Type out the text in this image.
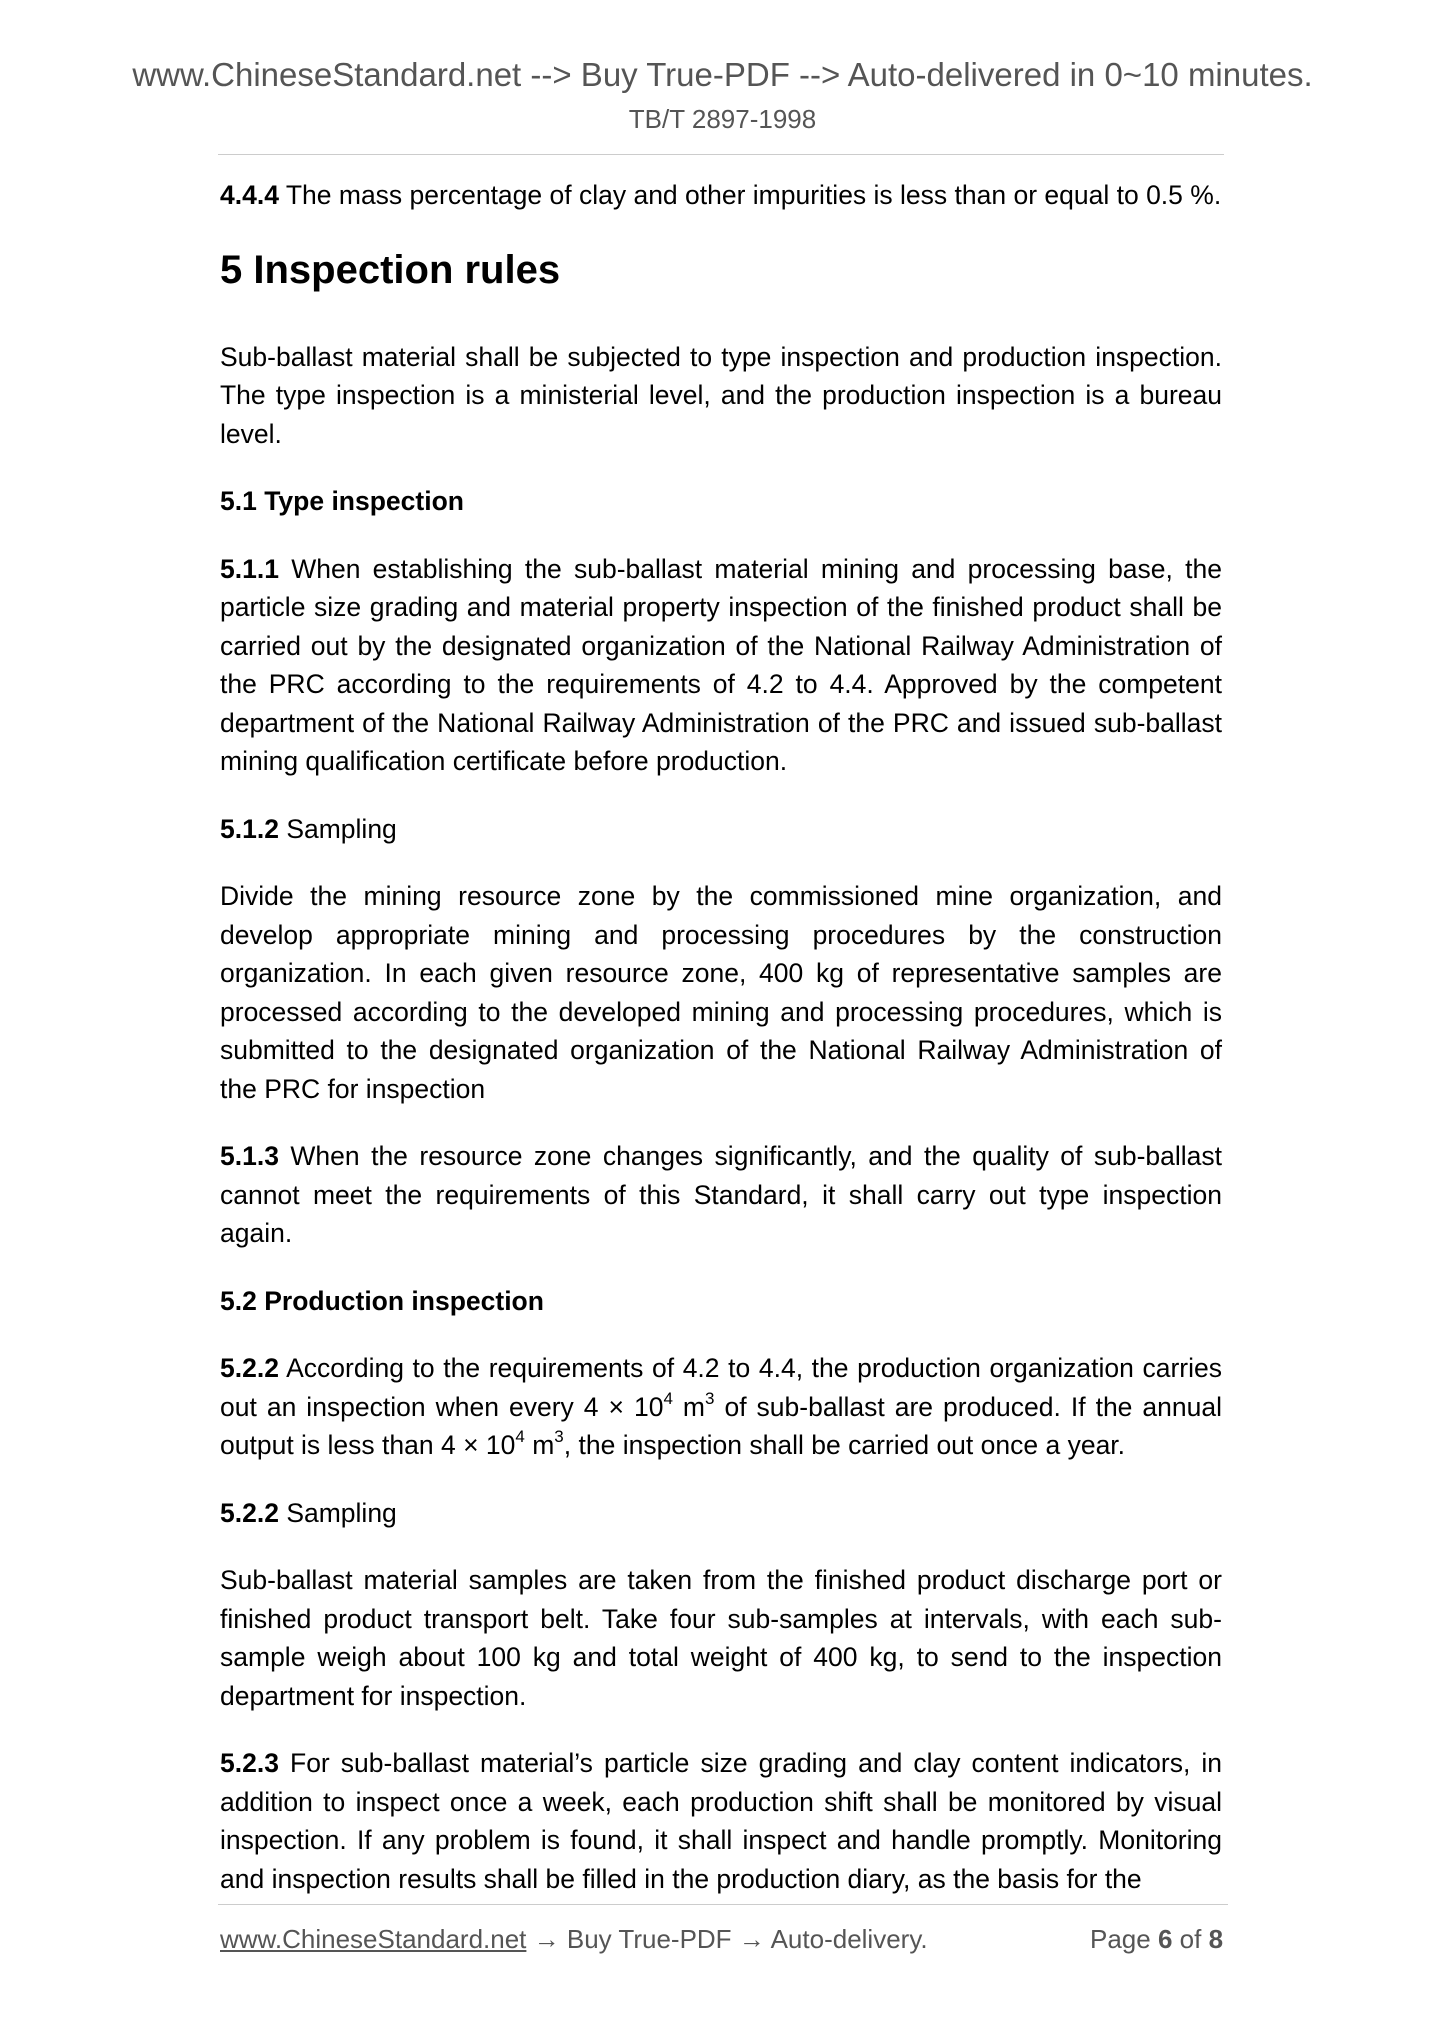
www.ChineseStandard.net --> Buy True-PDF --> Auto-delivered in 0~10 minutes.
TB/T 2897-1998

4.4.4 The mass percentage of clay and other impurities is less than or equal to 0.5 %.

5 Inspection rules

Sub-ballast material shall be subjected to type inspection and production inspection. The type inspection is a ministerial level, and the production inspection is a bureau level.

5.1 Type inspection

5.1.1 When establishing the sub-ballast material mining and processing base, the particle size grading and material property inspection of the finished product shall be carried out by the designated organization of the National Railway Administration of the PRC according to the requirements of 4.2 to 4.4. Approved by the competent department of the National Railway Administration of the PRC and issued sub-ballast mining qualification certificate before production.

5.1.2 Sampling

Divide the mining resource zone by the commissioned mine organization, and develop appropriate mining and processing procedures by the construction organization. In each given resource zone, 400 kg of representative samples are processed according to the developed mining and processing procedures, which is submitted to the designated organization of the National Railway Administration of the PRC for inspection

5.1.3 When the resource zone changes significantly, and the quality of sub-ballast cannot meet the requirements of this Standard, it shall carry out type inspection again.

5.2 Production inspection

5.2.2 According to the requirements of 4.2 to 4.4, the production organization carries out an inspection when every $4 \times 10^4$ $m^3$ of sub-ballast are produced. If the annual output is less than $4 \times 10^4$ $m^3$, the inspection shall be carried out once a year.

5.2.2 Sampling

Sub-ballast material samples are taken from the finished product discharge port or finished product transport belt. Take four sub-samples at intervals, with each sub-sample weigh about 100 kg and total weight of 400 kg, to send to the inspection department for inspection.

5.2.3 For sub-ballast material’s particle size grading and clay content indicators, in addition to inspect once a week, each production shift shall be monitored by visual inspection. If any problem is found, it shall inspect and handle promptly. Monitoring and inspection results shall be filled in the production diary, as the basis for the

www.ChineseStandard.net → Buy True-PDF → Auto-delivery.	Page 6 of 8
